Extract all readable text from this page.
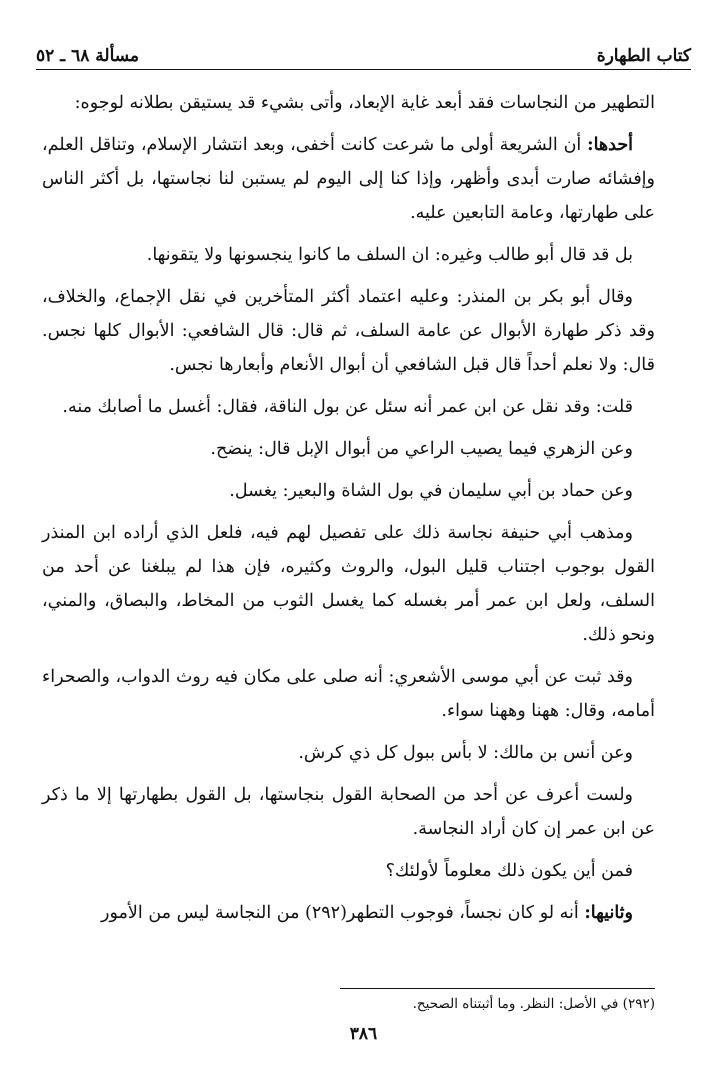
كتاب الطهارة
مسألة ٦٨ ـ ٥٢

التطهير من النجاسات فقد أبعد غاية الإبعاد، وأتى بشيء قد يستيقن بطلانه لوجوه:

أحدها: أن الشريعة أولى ما شرعت كانت أخفى، وبعد انتشار الإسلام، وتناقل العلم، وإفشائه صارت أبدى وأظهر، وإذا كنا إلى اليوم لم يستبن لنا نجاستها، بل أكثر الناس على طهارتها، وعامة التابعين عليه.

بل قد قال أبو طالب وغيره: ان السلف ما كانوا ينجسونها ولا يتقونها.

وقال أبو بكر بن المنذر: وعليه اعتماد أكثر المتأخرين في نقل الإجماع، والخلاف، وقد ذكر طهارة الأبوال عن عامة السلف، ثم قال: قال الشافعي: الأبوال كلها نجس. قال: ولا نعلم أحداً قال قبل الشافعي أن أبوال الأنعام وأبعارها نجس.

قلت: وقد نقل عن ابن عمر أنه سئل عن بول الناقة، فقال: أغسل ما أصابك منه.

وعن الزهري فيما يصيب الراعي من أبوال الإبل قال: ينضح.

وعن حماد بن أبي سليمان في بول الشاة والبعير: يغسل.

ومذهب أبي حنيفة نجاسة ذلك على تفصيل لهم فيه، فلعل الذي أراده ابن المنذر القول بوجوب اجتناب قليل البول، والروث وكثيره، فإن هذا لم يبلغنا عن أحد من السلف، ولعل ابن عمر أمر بغسله كما يغسل الثوب من المخاط، والبصاق، والمني، ونحو ذلك.

وقد ثبت عن أبي موسى الأشعري: أنه صلى على مكان فيه روث الدواب، والصحراء أمامه، وقال: ههنا وههنا سواء.

وعن أنس بن مالك: لا بأس ببول كل ذي كرش.

ولست أعرف عن أحد من الصحابة القول بنجاستها، بل القول بطهارتها إلا ما ذكر عن ابن عمر إن كان أراد النجاسة.

فمن أين يكون ذلك معلوماً لأولئك؟

وثانيها: أنه لو كان نجساً، فوجوب التطهر(٢٩٢) من النجاسة ليس من الأمور

(٢٩٢) في الأصل: النظر. وما أثبتناه الصحيح.
٣٨٦
